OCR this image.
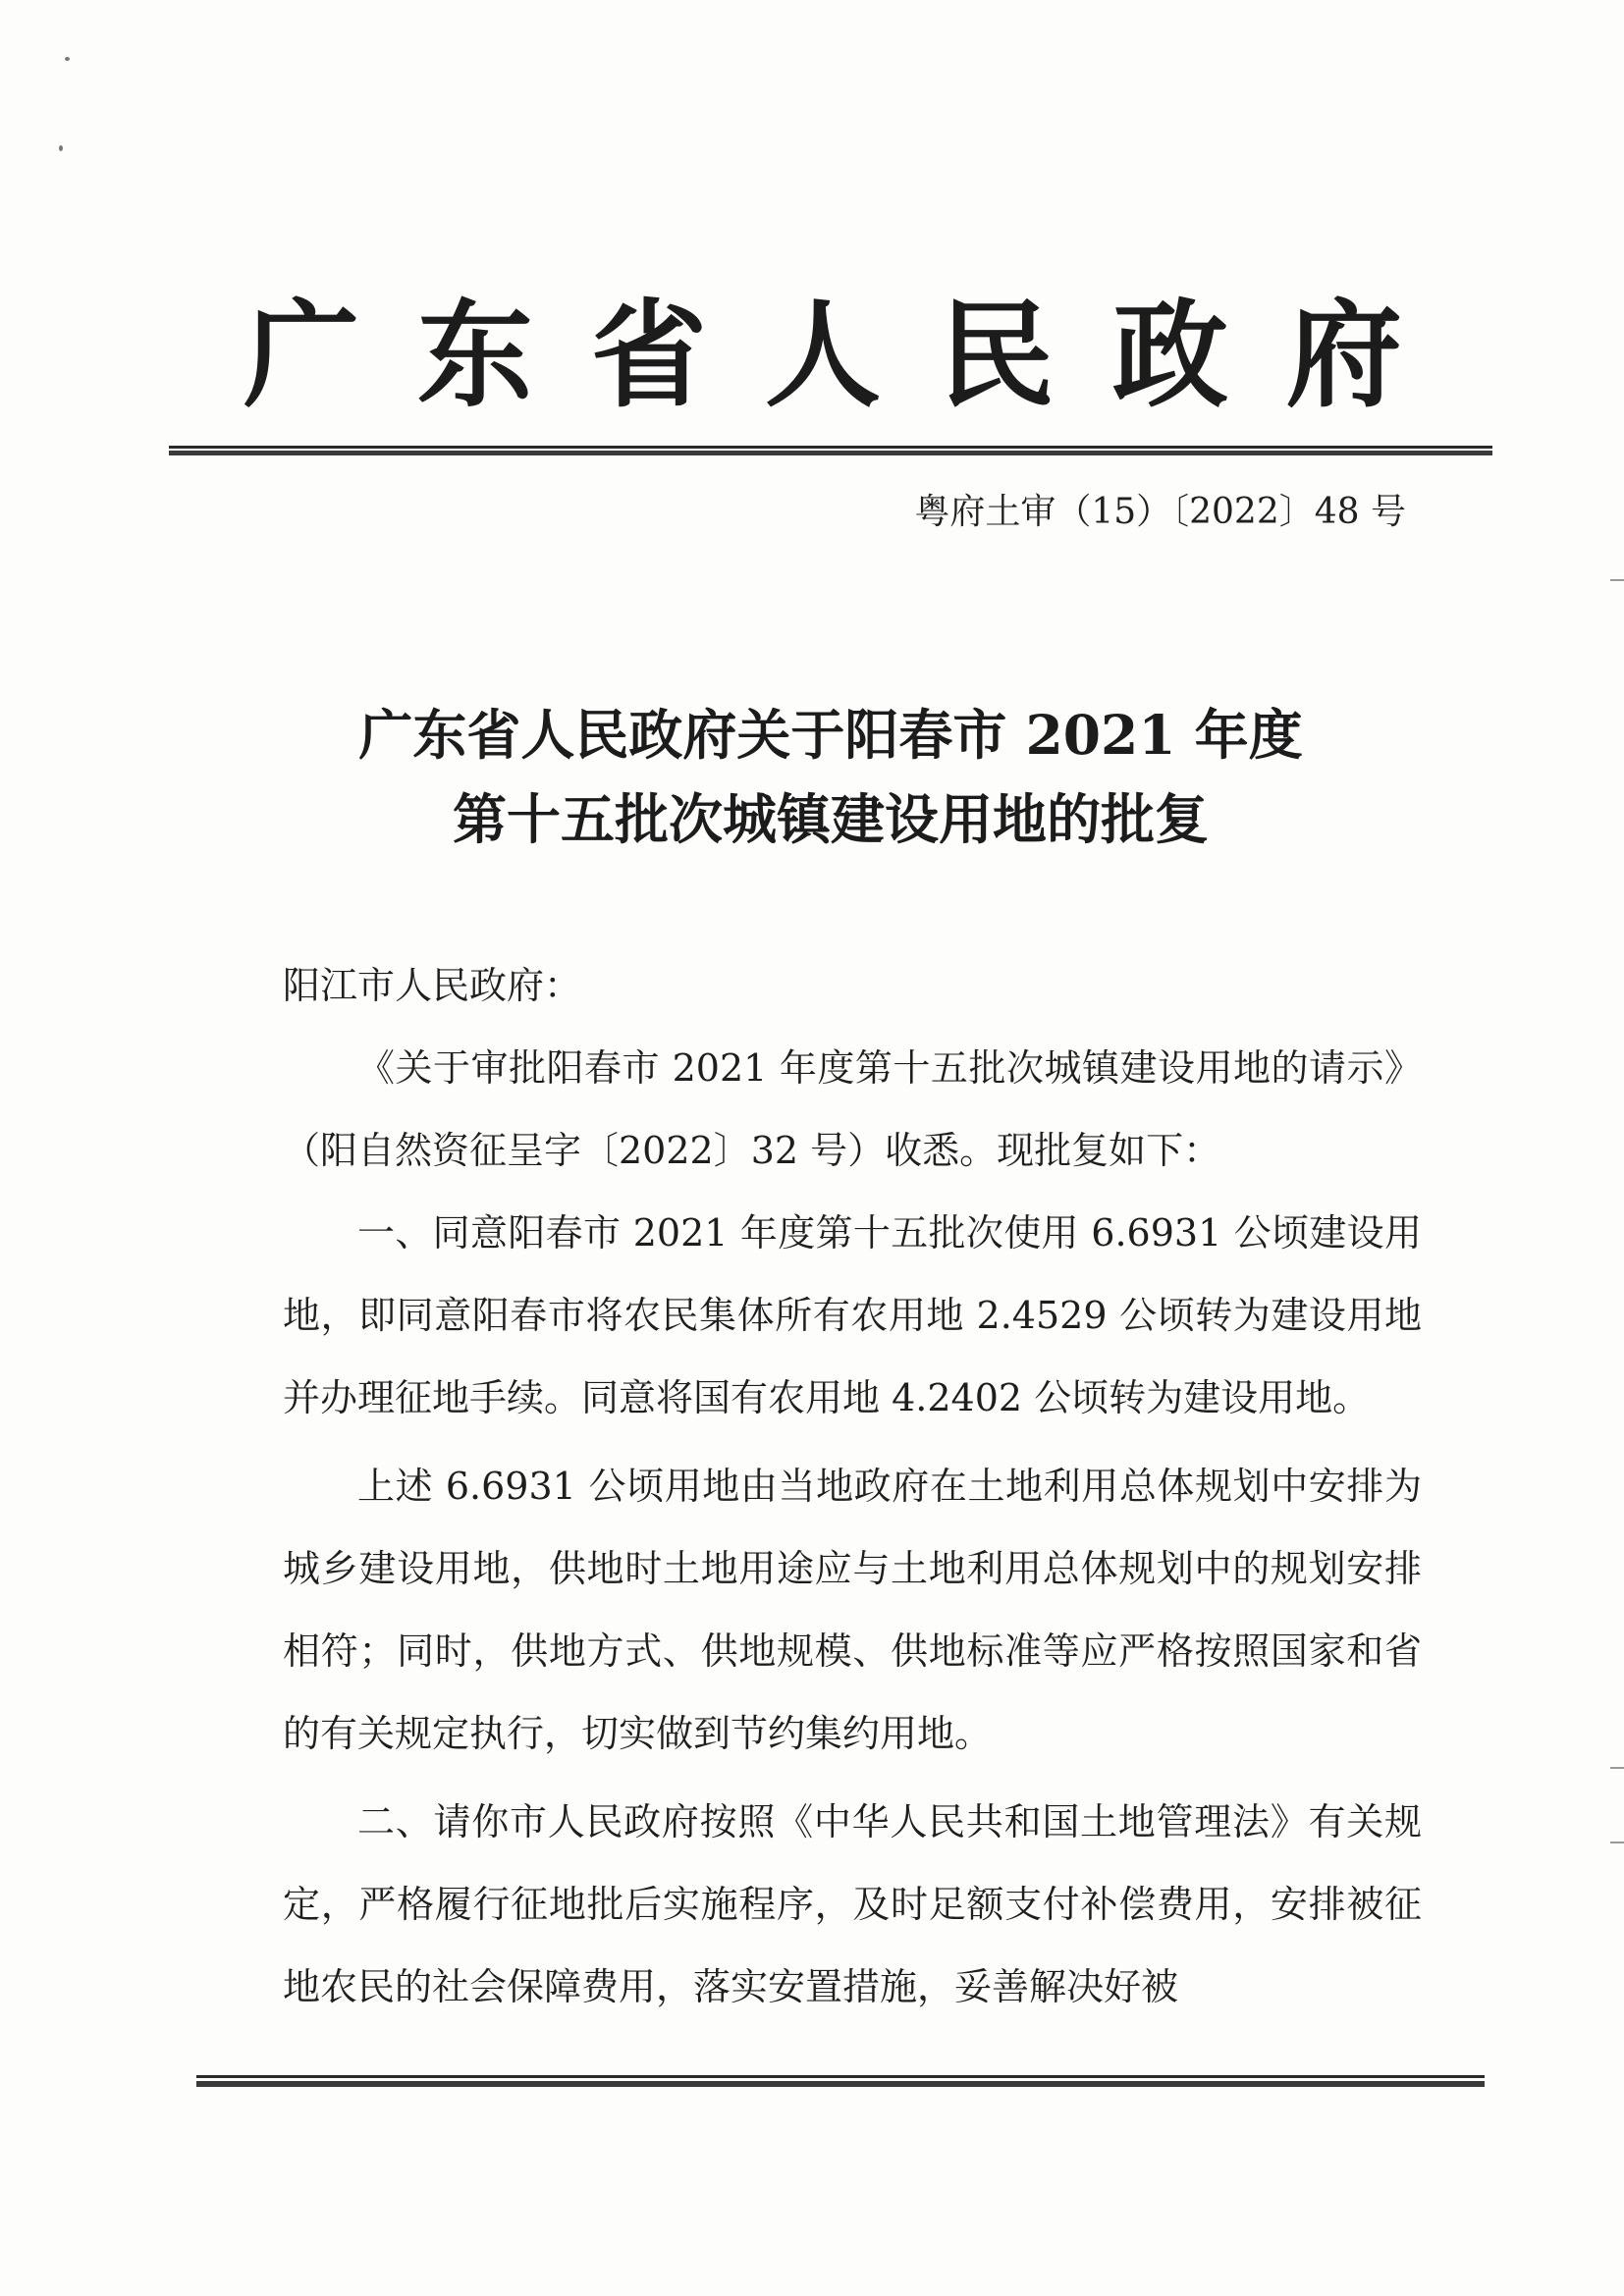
广 东 省 人 民 政 府
粤府土审（15）〔2022〕48 号
广东省人民政府关于阳春市 2021 年度
第十五批次城镇建设用地的批复

阳江市人民政府：

《关于审批阳春市 2021 年度第十五批次城镇建设用地的请示》（阳自然资征呈字〔2022〕32 号）收悉。现批复如下：

一、同意阳春市 2021 年度第十五批次使用 6.6931 公顷建设用地，即同意阳春市将农民集体所有农用地 2.4529 公顷转为建设用地并办理征地手续。同意将国有农用地 4.2402 公顷转为建设用地。

上述 6.6931 公顷用地由当地政府在土地利用总体规划中安排为城乡建设用地，供地时土地用途应与土地利用总体规划中的规划安排相符；同时，供地方式、供地规模、供地标准等应严格按照国家和省的有关规定执行，切实做到节约集约用地。

二、请你市人民政府按照《中华人民共和国土地管理法》有关规定，严格履行征地批后实施程序，及时足额支付补偿费用，安排被征地农民的社会保障费用，落实安置措施，妥善解决好被
